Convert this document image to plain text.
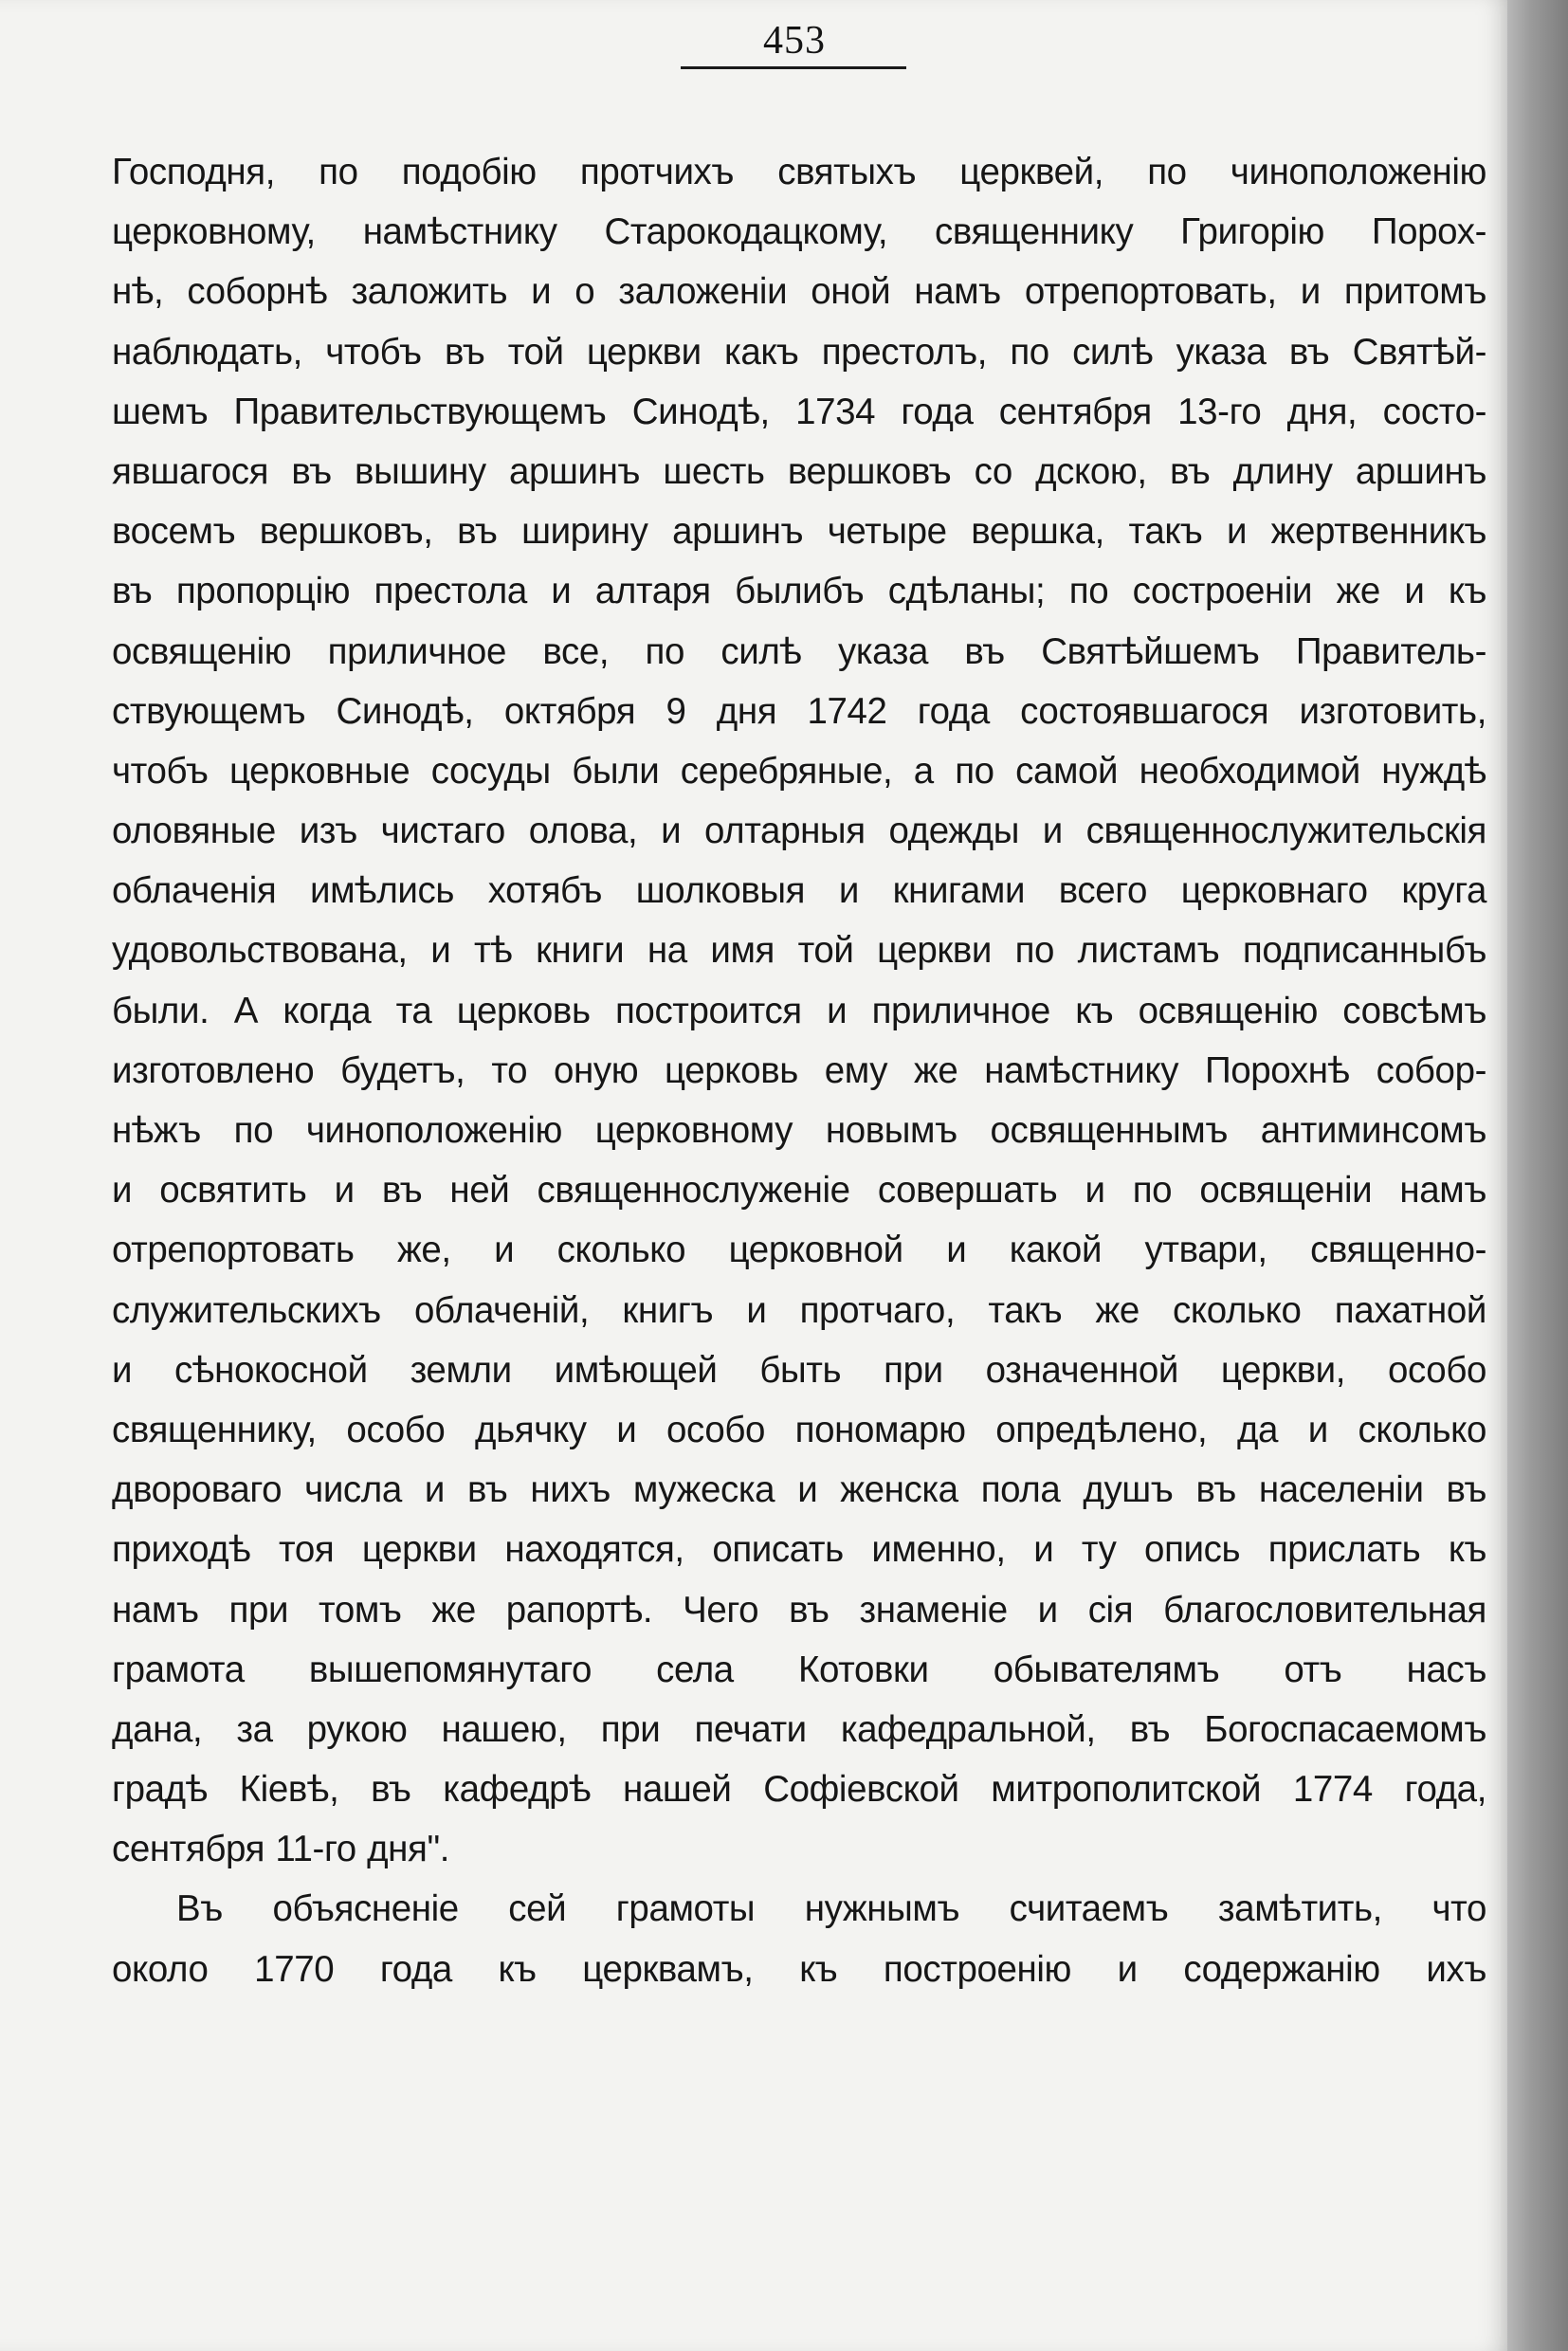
453
Господня, по подобію протчихъ святыхъ церквей, по чиноположенію
церковному, намѣстнику Старокодацкому, священнику Григорію Порох-
нѣ, соборнѣ заложить и о заложеніи оной намъ отрепортовать, и притомъ
наблюдать, чтобъ въ той церкви какъ престолъ, по силѣ указа въ Святѣй-
шемъ Правительствующемъ Синодѣ, 1734 года сентября 13-го дня, состо-
явшагося въ вышину аршинъ шесть вершковъ со дскою, въ длину аршинъ
восемъ вершковъ, въ ширину аршинъ четыре вершка, такъ и жертвенникъ
въ пропорцію престола и алтаря былибъ сдѣланы; по состроеніи же и къ
освященію приличное все, по силѣ указа въ Святѣйшемъ Правитель-
ствующемъ Синодѣ, октября 9 дня 1742 года состоявшагося изготовить,
чтобъ церковные сосуды были серебряные, а по самой необходимой нуждѣ
оловяные изъ чистаго олова, и олтарныя одежды и священнослужительскія
облаченія имѣлись хотябъ шолковыя и книгами всего церковнаго круга
удовольствована, и тѣ книги на имя той церкви по листамъ подписанныбъ
были. А когда та церковь построится и приличное къ освященію совсѣмъ
изготовлено будетъ, то оную церковь ему же намѣстнику Порохнѣ собор-
нѣжъ по чиноположенію церковному новымъ освященнымъ антиминсомъ
и освятить и въ ней священнослуженіе совершать и по освященіи намъ
отрепортовать же, и сколько церковной и какой утвари, священно-
служительскихъ облаченій, книгъ и протчаго, такъ же сколько пахатной
и сѣнокосной земли имѣющей быть при означенной церкви, особо
священнику, особо дьячку и особо пономарю опредѣлено, да и сколько
двороваго числа и въ нихъ мужеска и женска пола душъ въ населеніи въ
приходѣ тоя церкви находятся, описать именно, и ту опись прислать къ
намъ при томъ же рапортѣ. Чего въ знаменіе и сія благословительная
грамота вышепомянутаго села Котовки обывателямъ отъ насъ
дана, за рукою нашею, при печати кафедральной, въ Богоспасаемомъ
градѣ Кіевѣ, въ кафедрѣ нашей Софіевской митрополитской 1774 года,
сентября 11-го дня".
Въ объясненіе сей грамоты нужнымъ считаемъ замѣтить, что
около 1770 года къ церквамъ, къ построенію и содержанію ихъ
